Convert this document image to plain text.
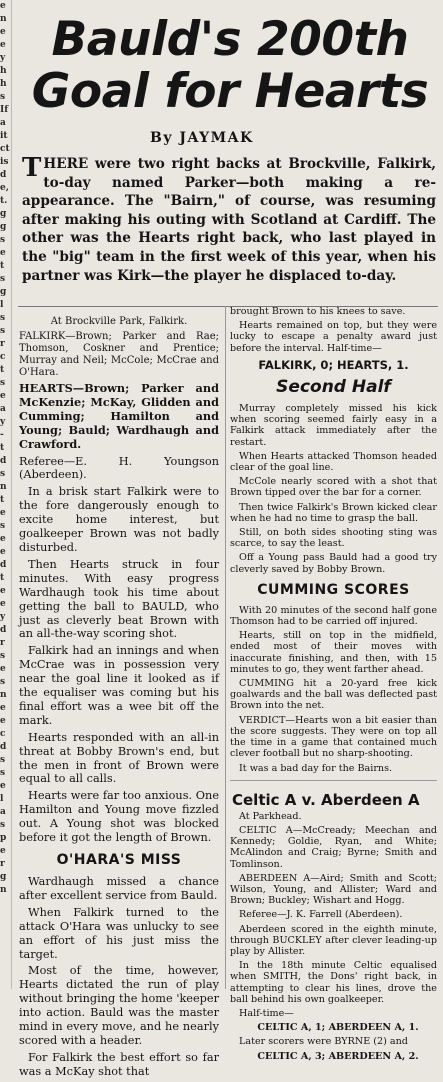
e
n
e
e
y
h
h
s
If
a
it
ct
is
d
e,
t.
g
g
s
e
t
s
g
l
s
s
r
c
t
s
e
a
y
-
t
d
s
n
t
e
s
e
e
d
t
e
e
y
d
r
s
e
s
n
e
e
c
d
s
s
e
l
a
s
p
e
r
g
n
Bauld's 200th Goal for Hearts
By JAYMAK
THERE were two right backs at Brockville, Falkirk, to-day named Parker—both making a re-appearance. The "Bairn," of course, was resuming after making his outing with Scotland at Cardiff. The other was the Hearts right back, who last played in the "big" team in the first week of this year, when his partner was Kirk—the player he displaced to-day.

At Brockville Park, Falkirk.

FALKIRK—Brown; Parker and Rae; Thomson, Coskner and Prentice; Murray and Neil; McCole; McCrae and O'Hara.

HEARTS—Brown; Parker and McKenzie; McKay, Glidden and Cumming; Hamilton and Young; Bauld; Wardhaugh and Crawford.

Referee—E. H. Youngson (Aberdeen).

In a brisk start Falkirk were to the fore dangerously enough to excite home interest, but goalkeeper Brown was not badly disturbed.

Then Hearts struck in four minutes. With easy progress Wardhaugh took his time about getting the ball to BAULD, who just as cleverly beat Brown with an all-the-way scoring shot.

Falkirk had an innings and when McCrae was in possession very near the goal line it looked as if the equaliser was coming but his final effort was a wee bit off the mark.

Hearts responded with an all-in threat at Bobby Brown's end, but the men in front of Brown were equal to all calls.

Hearts were far too anxious. One Hamilton and Young move fizzled out. A Young shot was blocked before it got the length of Brown.

O'HARA'S MISS

Wardhaugh missed a chance after excellent service from Bauld.

When Falkirk turned to the attack O'Hara was unlucky to see an effort of his just miss the target.

Most of the time, however, Hearts dictated the run of play without bringing the home 'keeper into action. Bauld was the master mind in every move, and he nearly scored with a header.

For Falkirk the best effort so far was a McKay shot that

brought Brown to his knees to save.

Hearts remained on top, but they were lucky to escape a penalty award just before the interval. Half-time—

FALKIRK, 0; HEARTS, 1.
Second Half

Murray completely missed his kick when scoring seemed fairly easy in a Falkirk attack immediately after the restart.

When Hearts attacked Thomson headed clear of the goal line.

McCole nearly scored with a shot that Brown tipped over the bar for a corner.

Then twice Falkirk's Brown kicked clear when he had no time to grasp the ball.

Still, on both sides shooting sting was scarce, to say the least.

Off a Young pass Bauld had a good try cleverly saved by Bobby Brown.

CUMMING SCORES

With 20 minutes of the second half gone Thomson had to be carried off injured.

Hearts, still on top in the midfield, ended most of their moves with inaccurate finishing, and then, with 15 minutes to go, they went farther ahead.

CUMMING hit a 20-yard free kick goalwards and the ball was deflected past Brown into the net.

VERDICT—Hearts won a bit easier than the score suggests. They were on top all the time in a game that contained much clever football but no sharp-shooting.

It was a bad day for the Bairns.

Celtic A v. Aberdeen A

At Parkhead.

CELTIC A—McCready; Meechan and Kennedy; Goldie, Ryan, and White; McAlindon and Craig; Byrne; Smith and Tomlinson.

ABERDEEN A—Aird; Smith and Scott; Wilson, Young, and Allister; Ward and Brown; Buckley; Wishart and Hogg.

Referee—J. K. Farrell (Aberdeen).

Aberdeen scored in the eighth minute, through BUCKLEY after clever leading-up play by Allister.

In the 18th minute Celtic equalised when SMITH, the Dons' right back, in attempting to clear his lines, drove the ball behind his own goalkeeper.

Half-time—

CELTIC A, 1; ABERDEEN A, 1.

Later scorers were BYRNE (2) and

CELTIC A, 3; ABERDEEN A, 2.
